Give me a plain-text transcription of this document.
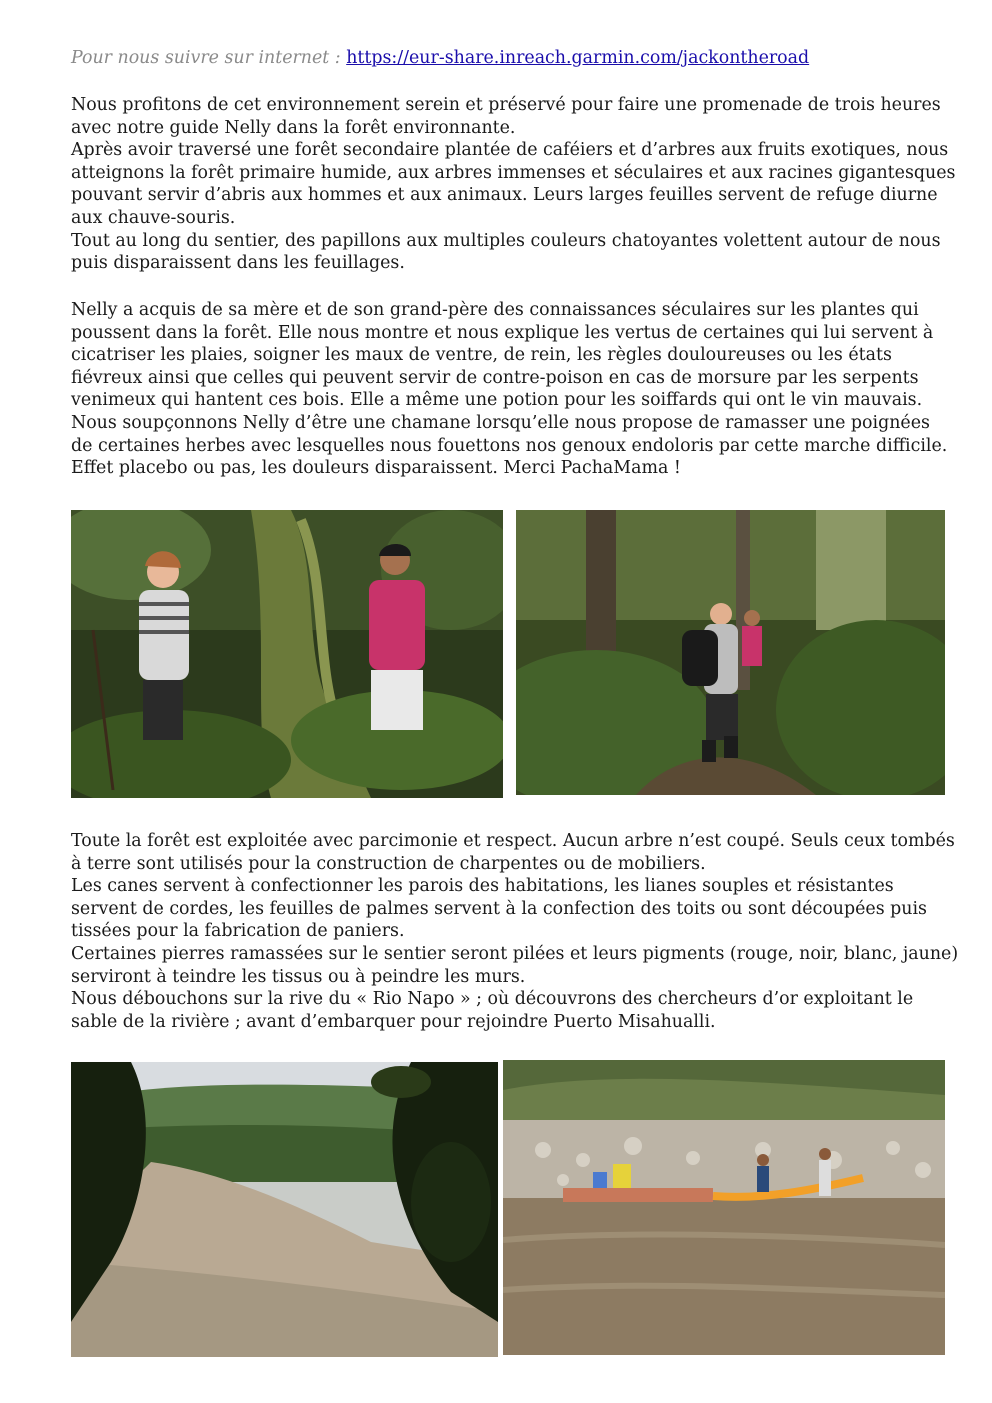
Pour nous suivre sur internet : https://eur-share.inreach.garmin.com/jackontheroad

Nous profitons de cet environnement serein et préservé pour faire une promenade de trois heures

avec notre guide Nelly dans la forêt environnante.

Après avoir traversé une forêt secondaire plantée de caféiers et d’arbres aux fruits exotiques, nous

atteignons la forêt primaire humide, aux arbres immenses et séculaires et aux racines gigantesques

pouvant servir d’abris aux hommes et aux animaux. Leurs larges feuilles servent de refuge diurne

aux chauve-souris.

Tout au long du sentier, des papillons aux multiples couleurs chatoyantes volettent autour de nous

puis disparaissent dans les feuillages.

Nelly a acquis de sa mère et de son grand-père des connaissances séculaires sur les plantes qui

poussent dans la forêt. Elle nous montre et nous explique les vertus de certaines qui lui servent à

cicatriser les plaies, soigner les maux de ventre, de rein, les règles douloureuses ou les états

fiévreux ainsi que celles qui peuvent servir de contre-poison en cas de morsure par les serpents

venimeux qui hantent ces bois. Elle a même une potion pour les soiffards qui ont le vin mauvais.

Nous soupçonnons Nelly d’être une chamane lorsqu’elle nous propose de ramasser une poignées

de certaines herbes avec lesquelles nous fouettons nos genoux endoloris par cette marche difficile.

Effet placebo ou pas, les douleurs disparaissent. Merci PachaMama !

Toute la forêt est exploitée avec parcimonie et respect. Aucun arbre n’est coupé. Seuls ceux tombés

à terre sont utilisés pour la construction de charpentes ou de mobiliers.

Les canes servent à confectionner les parois des habitations, les lianes souples et résistantes

servent de cordes, les feuilles de palmes servent à la confection des toits ou sont découpées puis

tissées pour la fabrication de paniers.

Certaines pierres ramassées sur le sentier seront pilées et leurs pigments (rouge, noir, blanc, jaune)

serviront à teindre les tissus ou à peindre les murs.

Nous débouchons sur la rive du « Rio Napo » ; où découvrons des chercheurs d’or exploitant le

sable de la rivière ; avant d’embarquer pour rejoindre Puerto Misahualli.
